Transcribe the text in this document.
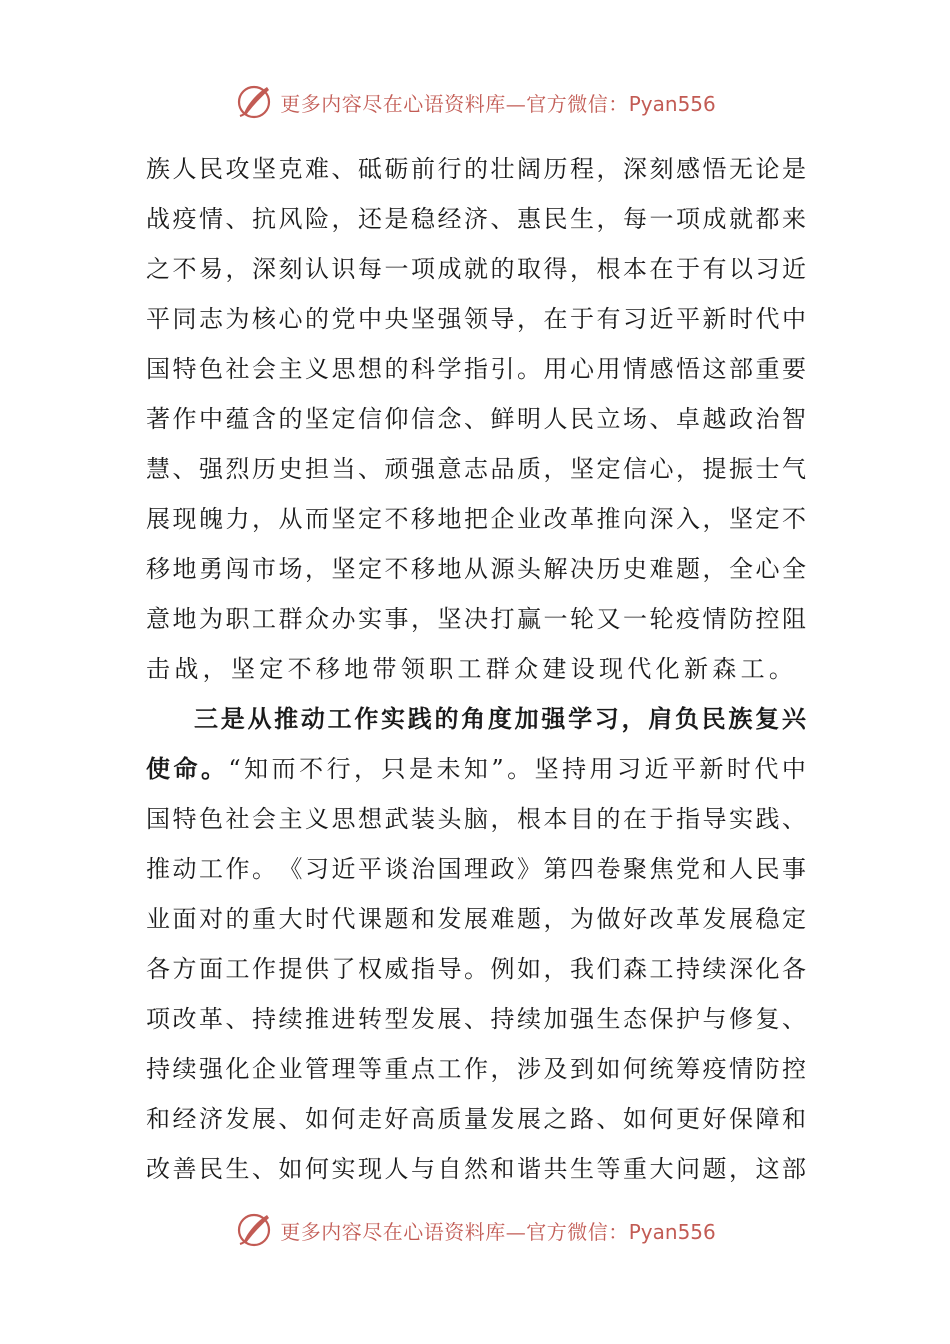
更多内容尽在心语资料库—官方微信：Pyan556
族 人 民 攻 坚 克 难 、 砥 砺 前 行 的 壮 阔 历 程 ， 深 刻 感 悟 无 论 是
战 疫 情 、 抗 风 险 ， 还 是 稳 经 济 、 惠 民 生 ， 每 一 项 成 就 都 来
之 不 易 ， 深 刻 认 识 每 一 项 成 就 的 取 得 ， 根 本 在 于 有 以 习 近
平 同 志 为 核 心 的 党 中 央 坚 强 领 导 ， 在 于 有 习 近 平 新 时 代 中
国 特 色 社 会 主 义 思 想 的 科 学 指 引 。 用 心 用 情 感 悟 这 部 重 要
著 作 中 蕴 含 的 坚 定 信 仰 信 念 、 鲜 明 人 民 立 场 、 卓 越 政 治 智
慧 、 强 烈 历 史 担 当 、 顽 强 意 志 品 质 ， 坚 定 信 心 ， 提 振 士 气
展 现 魄 力 ， 从 而 坚 定 不 移 地 把 企 业 改 革 推 向 深 入 ， 坚 定 不
移 地 勇 闯 市 场 ， 坚 定 不 移 地 从 源 头 解 决 历 史 难 题 ， 全 心 全
意 地 为 职 工 群 众 办 实 事 ， 坚 决 打 赢 一 轮 又 一 轮 疫 情 防 控 阻
击 战 ， 坚 定 不 移 地 带 领 职 工 群 众 建 设 现 代 化 新 森 工 。
三 是 从 推 动 工 作 实 践 的 角 度 加 强 学 习 ， 肩 负 民 族 复 兴
使 命 。 “ 知 而 不 行 ， 只 是 未 知 ” 。 坚 持 用 习 近 平 新 时 代 中
国 特 色 社 会 主 义 思 想 武 装 头 脑 ， 根 本 目 的 在 于 指 导 实 践 、
推 动 工 作 。 《 习 近 平 谈 治 国 理 政 》 第 四 卷 聚 焦 党 和 人 民 事
业 面 对 的 重 大 时 代 课 题 和 发 展 难 题 ， 为 做 好 改 革 发 展 稳 定
各 方 面 工 作 提 供 了 权 威 指 导 。 例 如 ， 我 们 森 工 持 续 深 化 各
项 改 革 、 持 续 推 进 转 型 发 展 、 持 续 加 强 生 态 保 护 与 修 复 、
持 续 强 化 企 业 管 理 等 重 点 工 作 ， 涉 及 到 如 何 统 筹 疫 情 防 控
和 经 济 发 展 、 如 何 走 好 高 质 量 发 展 之 路 、 如 何 更 好 保 障 和
改 善 民 生 、 如 何 实 现 人 与 自 然 和 谐 共 生 等 重 大 问 题 ， 这 部
更多内容尽在心语资料库—官方微信：Pyan556
